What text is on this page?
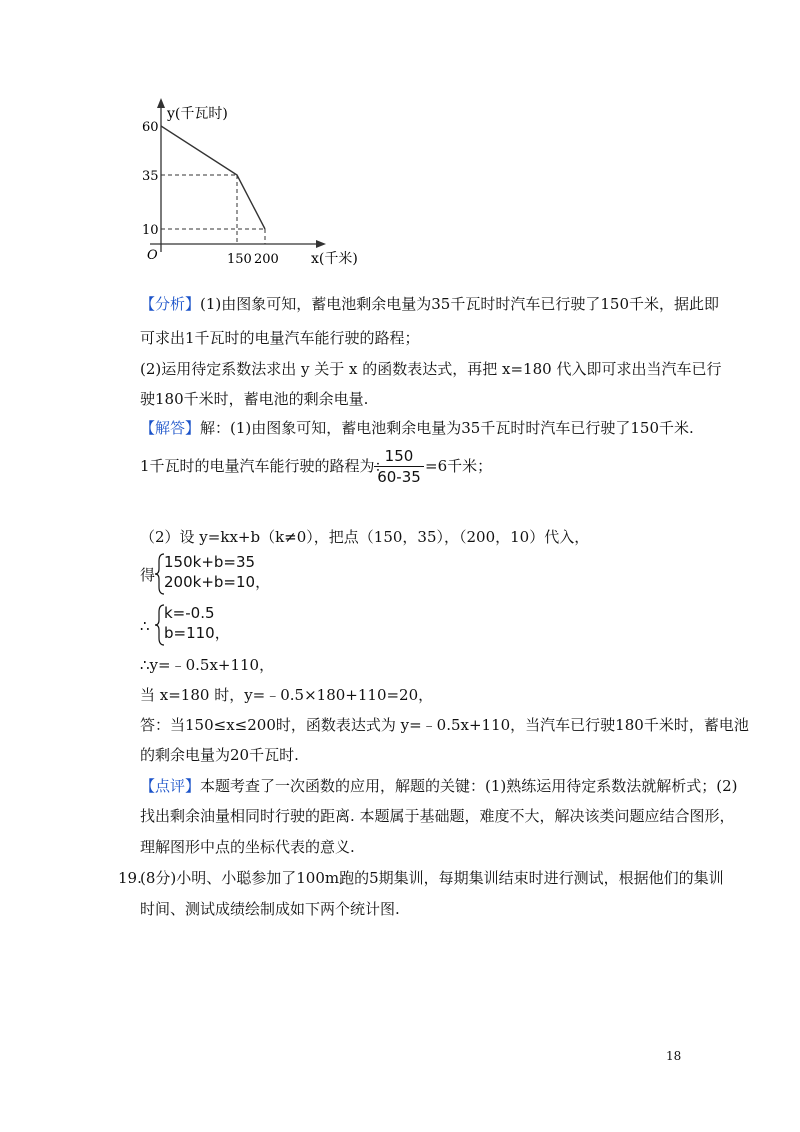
y(千瓦时)
60
35
10
O	150 200 x(千米)
【分析】(1)由图象可知，蓄电池剩余电量为35千瓦时时汽车已行驶了150千米，据此即
可求出1千瓦时的电量汽车能行驶的路程；
(2)运用待定系数法求出 y 关于 x 的函数表达式，再把 x=180 代入即可求出当汽车已行
驶180千米时，蓄电池的剩余电量.
【解答】解：(1)由图象可知，蓄电池剩余电量为35千瓦时时汽车已行驶了150千米.
1千瓦时的电量汽车能行驶的路程为：
150
60-35
=6千米；
（2）设 y=kx+b（k≠0），把点（150，35），（200，10）代入，
得
150k+b=35
200k+b=10，
∴
k=-0.5
b=110，
∴y=﹣0.5x+110，
当 x=180 时，y=﹣0.5×180+110=20，
答：当150≤x≤200时，函数表达式为 y=﹣0.5x+110，当汽车已行驶180千米时，蓄电池
的剩余电量为20千瓦时.
【点评】本题考查了一次函数的应用，解题的关键：(1)熟练运用待定系数法就解析式；(2)
找出剩余油量相同时行驶的距离. 本题属于基础题，难度不大，解决该类问题应结合图形，
理解图形中点的坐标代表的意义.
19.
(8分)小明、小聪参加了100m跑的5期集训，每期集训结束时进行测试，根据他们的集训
时间、测试成绩绘制成如下两个统计图.
18
